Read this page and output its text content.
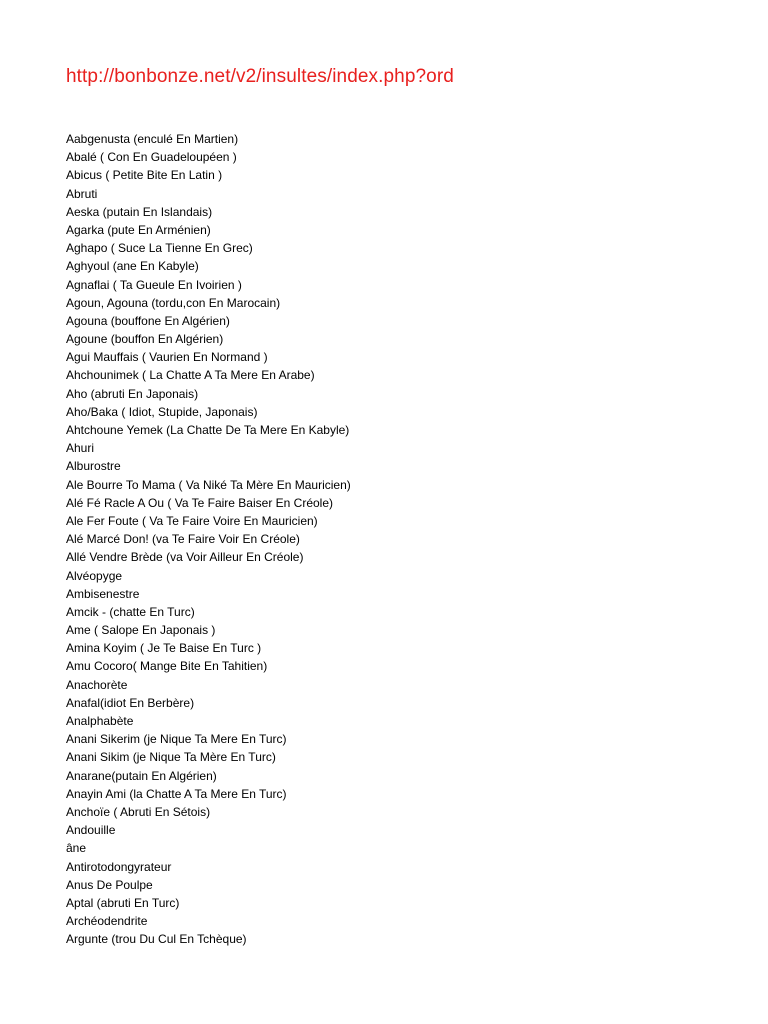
http://bonbonze.net/v2/insultes/index.php?ord
Aabgenusta (enculé En Martien)
Abalé ( Con En Guadeloupéen )
Abicus ( Petite Bite En Latin )
Abruti
Aeska (putain En Islandais)
Agarka (pute En Arménien)
Aghapo ( Suce La Tienne En Grec)
Aghyoul (ane En Kabyle)
Agnaflai ( Ta Gueule En Ivoirien )
Agoun, Agouna (tordu,con En Marocain)
Agouna (bouffone En Algérien)
Agoune (bouffon En Algérien)
Agui Mauffais ( Vaurien En Normand )
Ahchounimek ( La Chatte A Ta Mere En Arabe)
Aho (abruti En Japonais)
Aho/Baka ( Idiot, Stupide, Japonais)
Ahtchoune Yemek (La Chatte De Ta Mere En Kabyle)
Ahuri
Alburostre
Ale Bourre To Mama ( Va Niké Ta Mère En Mauricien)
Alé Fé Racle A Ou ( Va Te Faire Baiser En Créole)
Ale Fer Foute ( Va Te Faire Voire En Mauricien)
Alé Marcé Don! (va Te Faire Voir En Créole)
Allé Vendre Brède (va Voir Ailleur En Créole)
Alvéopyge
Ambisenestre
Amcik - (chatte En Turc)
Ame ( Salope En Japonais )
Amina Koyim ( Je Te Baise En Turc )
Amu Cocoro( Mange Bite En Tahitien)
Anachorète
Anafal(idiot En Berbère)
Analphabète
Anani Sikerim (je Nique Ta Mere En Turc)
Anani Sikim (je Nique Ta Mère En Turc)
Anarane(putain En Algérien)
Anayin Ami (la Chatte A Ta Mere En Turc)
Anchoïe ( Abruti En Sétois)
Andouille
âne
Antirotodongyrateur
Anus De Poulpe
Aptal (abruti En Turc)
Archéodendrite
Argunte (trou Du Cul En Tchèque)
